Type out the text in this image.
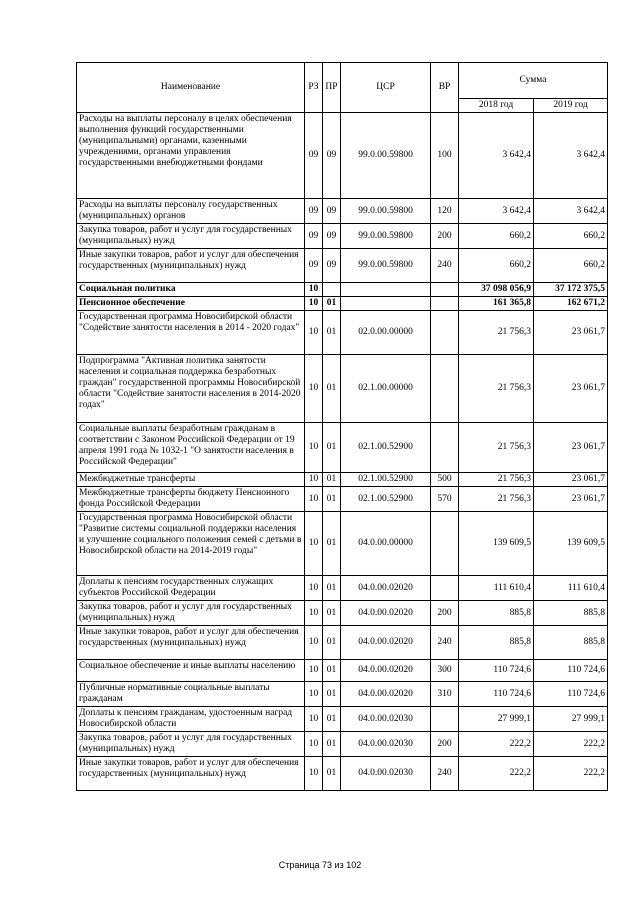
Наименование	РЗ	ПР	ЦСР	ВР	Сумма	
					2018 год	2019 год
Расходы на выплаты персоналу в целях обеспечения выполнения функций государственными (муниципальными) органами, казенными учреждениями, органами управления государственными внебюджетными фондами	09	09	99.0.00.59800	100	3 642,4	3 642,4
Расходы на выплаты персоналу государственных (муниципальных) органов	09	09	99.0.00.59800	120	3 642,4	3 642,4
Закупка товаров, работ и услуг для государственных (муниципальных) нужд	09	09	99.0.00.59800	200	660,2	660,2
Иные закупки товаров, работ и услуг для обеспечения государственных (муниципальных) нужд	09	09	99.0.00.59800	240	660,2	660,2
Социальная политика	10				37 098 056,9	37 172 375,5
Пенсионное обеспечение	10	01			161 365,8	162 671,2
Государственная программа Новосибирской области "Содействие занятости населения в 2014 - 2020 годах"	10	01	02.0.00.00000		21 756,3	23 061,7
Подпрограмма "Активная политика занятости населения и социальная поддержка безработных граждан" государственной программы Новосибирской области "Содействие занятости населения в 2014-2020 годах"	10	01	02.1.00.00000		21 756,3	23 061,7
Социальные выплаты безработным гражданам в соответствии с Законом Российской Федерации от 19 апреля 1991 года № 1032-1 "О занятости населения в Российской Федерации"	10	01	02.1.00.52900		21 756,3	23 061,7
Межбюджетные трансферты	10	01	02.1.00.52900	500	21 756,3	23 061,7
Межбюджетные трансферты бюджету Пенсионного фонда Российской Федерации	10	01	02.1.00.52900	570	21 756,3	23 061,7
Государственная программа Новосибирской области "Развитие системы социальной поддержки населения и улучшение социального положения семей с детьми в Новосибирской области на 2014-2019 годы"	10	01	04.0.00.00000		139 609,5	139 609,5
Доплаты к пенсиям государственных служащих субъектов Российской Федерации	10	01	04.0.00.02020		111 610,4	111 610,4
Закупка товаров, работ и услуг для государственных (муниципальных) нужд	10	01	04.0.00.02020	200	885,8	885,8
Иные закупки товаров, работ и услуг для обеспечения государственных (муниципальных) нужд	10	01	04.0.00.02020	240	885,8	885,8
Социальное обеспечение и иные выплаты населению	10	01	04.0.00.02020	300	110 724,6	110 724,6
Публичные нормативные социальные выплаты гражданам	10	01	04.0.00.02020	310	110 724,6	110 724,6
Доплаты к пенсиям гражданам, удостоенным наград Новосибирской области	10	01	04.0.00.02030		27 999,1	27 999,1
Закупка товаров, работ и услуг для государственных (муниципальных) нужд	10	01	04.0.00.02030	200	222,2	222,2
Иные закупки товаров, работ и услуг для обеспечения государственных (муниципальных) нужд	10	01	04.0.00.02030	240	222,2	222,2
Страница 73 из 102
